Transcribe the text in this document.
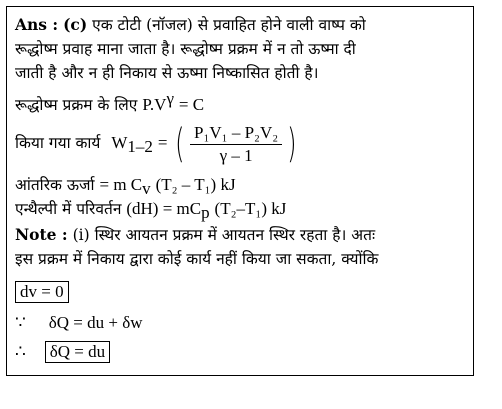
Ans : (c) एक टोटी (नॉजल) से प्रवाहित होने वाली वाष्प को
रूद्धोष्म प्रवाह माना जाता है। रूद्धोष्म प्रक्रम में न तो ऊष्मा दी
जाती है और न ही निकाय से ऊष्मा निष्कासित होती है।
रूद्धोष्म प्रक्रम के लिए $P.V^\gamma = C$
किया गया कार्य $W_{1-2}$ = ( $\frac{\text{P₁V₁ – P₂V₂}}{\gamma - 1}$ )
आंतरिक ऊर्जा = m $C_v$ (T₂ – T₁) kJ
एन्थैल्पी में परिवर्तन $(dH) = mC_p$ (T₂–T₁) kJ
Note : (i) स्थिर आयतन प्रक्रम में आयतन स्थिर रहता है। अतः
इस प्रक्रम में निकाय द्वारा कोई कार्य नहीं किया जा सकता, क्योंकि
dv = 0
∵ δQ = du + δw
∴ δQ = du
